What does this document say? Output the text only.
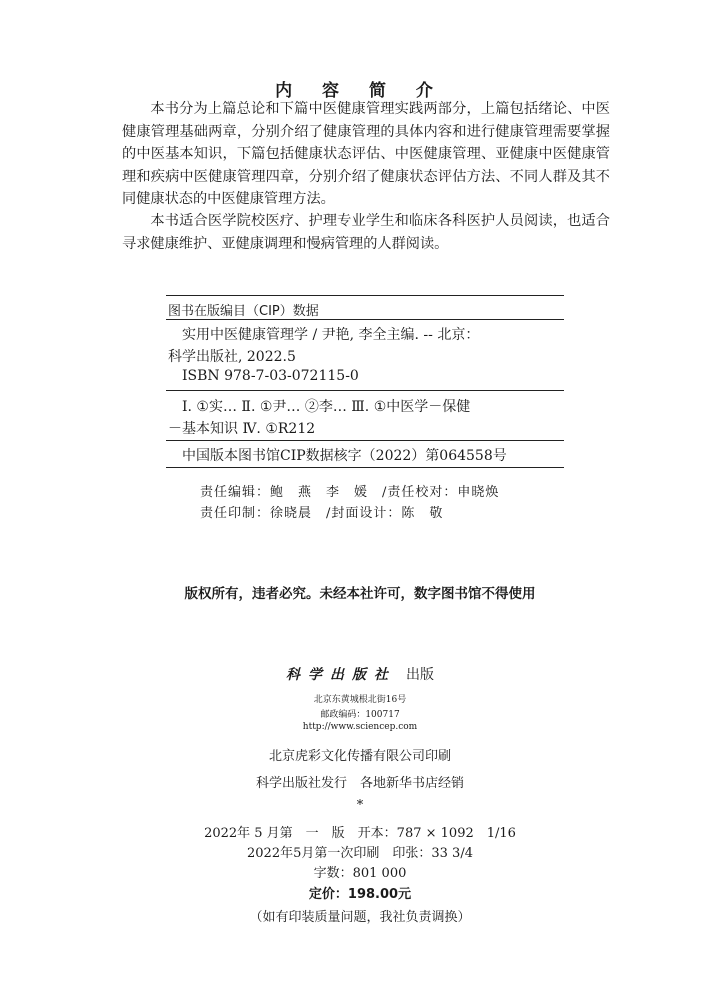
内 容 简 介

本书分为上篇总论和下篇中医健康管理实践两部分，上篇包括绪论、中医健康管理基础两章，分别介绍了健康管理的具体内容和进行健康管理需要掌握的中医基本知识，下篇包括健康状态评估、中医健康管理、亚健康中医健康管理和疾病中医健康管理四章，分别介绍了健康状态评估方法、不同人群及其不同健康状态的中医健康管理方法。

本书适合医学院校医疗、护理专业学生和临床各科医护人员阅读，也适合寻求健康维护、亚健康调理和慢病管理的人群阅读。

图书在版编目（CIP）数据
实用中医健康管理学 / 尹艳, 李全主编. -- 北京：
科学出版社, 2022.5
ISBN 978-7-03-072115-0
Ⅰ. ①实… Ⅱ. ①尹… ②李… Ⅲ. ①中医学－保健
－基本知识 Ⅳ. ①R212
中国版本图书馆CIP数据核字（2022）第064558号
责任编辑：鲍　燕　李　媛　/责任校对：申晓焕
责任印制：徐晓晨　/封面设计：陈　敬
版权所有，违者必究。未经本社许可，数字图书馆不得使用
科学出版社 出版
北京东黄城根北街16号
邮政编码：100717
http://www.sciencep.com
北京虎彩文化传播有限公司印刷
科学出版社发行　各地新华书店经销
*
2022年 5 月第　一　版　开本：787 × 1092　1/16
2022年5月第一次印刷　印张：33 3/4
字数：801 000
定价：198.00元
（如有印装质量问题，我社负责调换）
